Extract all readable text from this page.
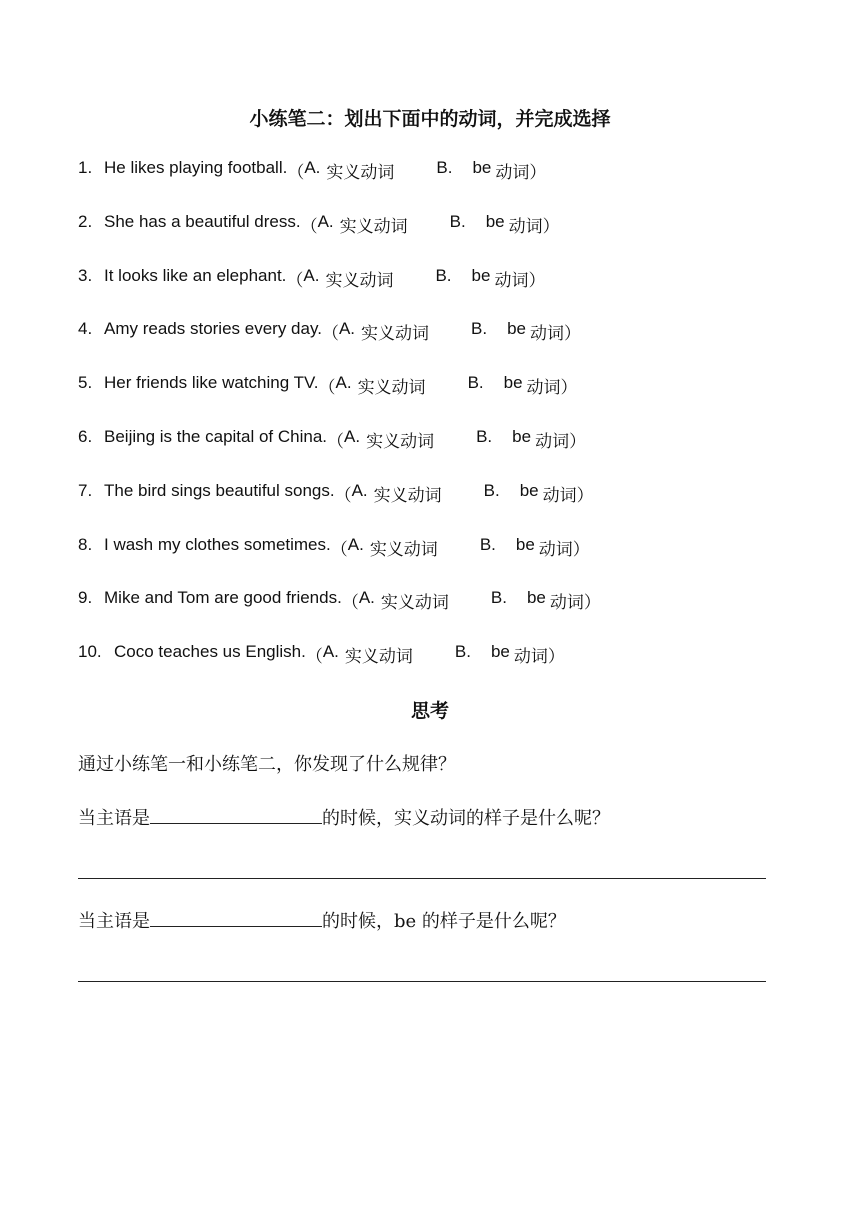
小练笔二：划出下面中的动词，并完成选择
1. He likes playing football. （ A. 实义动词 B. be 动词 ）
2. She has a beautiful dress. （ A. 实义动词 B. be 动词 ）
3. It looks like an elephant. （ A. 实义动词 B. be 动词 ）
4. Amy reads stories every day. （ A. 实义动词 B. be 动词 ）
5. Her friends like watching TV. （ A. 实义动词 B. be 动词 ）
6. Beijing is the capital of China. （ A. 实义动词 B. be 动词 ）
7. The bird sings beautiful songs. （ A. 实义动词 B. be 动词 ）
8. I wash my clothes sometimes. （ A. 实义动词 B. be 动词 ）
9. Mike and Tom are good friends. （ A. 实义动词 B. be 动词 ）
10. Coco teaches us English. （ A. 实义动词 B. be 动词 ）
思考
通过小练笔一和小练笔二，你发现了什么规律？
当主语是	的时候，实义动词的样子是什么呢？
当主语是	的时候，be 的样子是什么呢？
